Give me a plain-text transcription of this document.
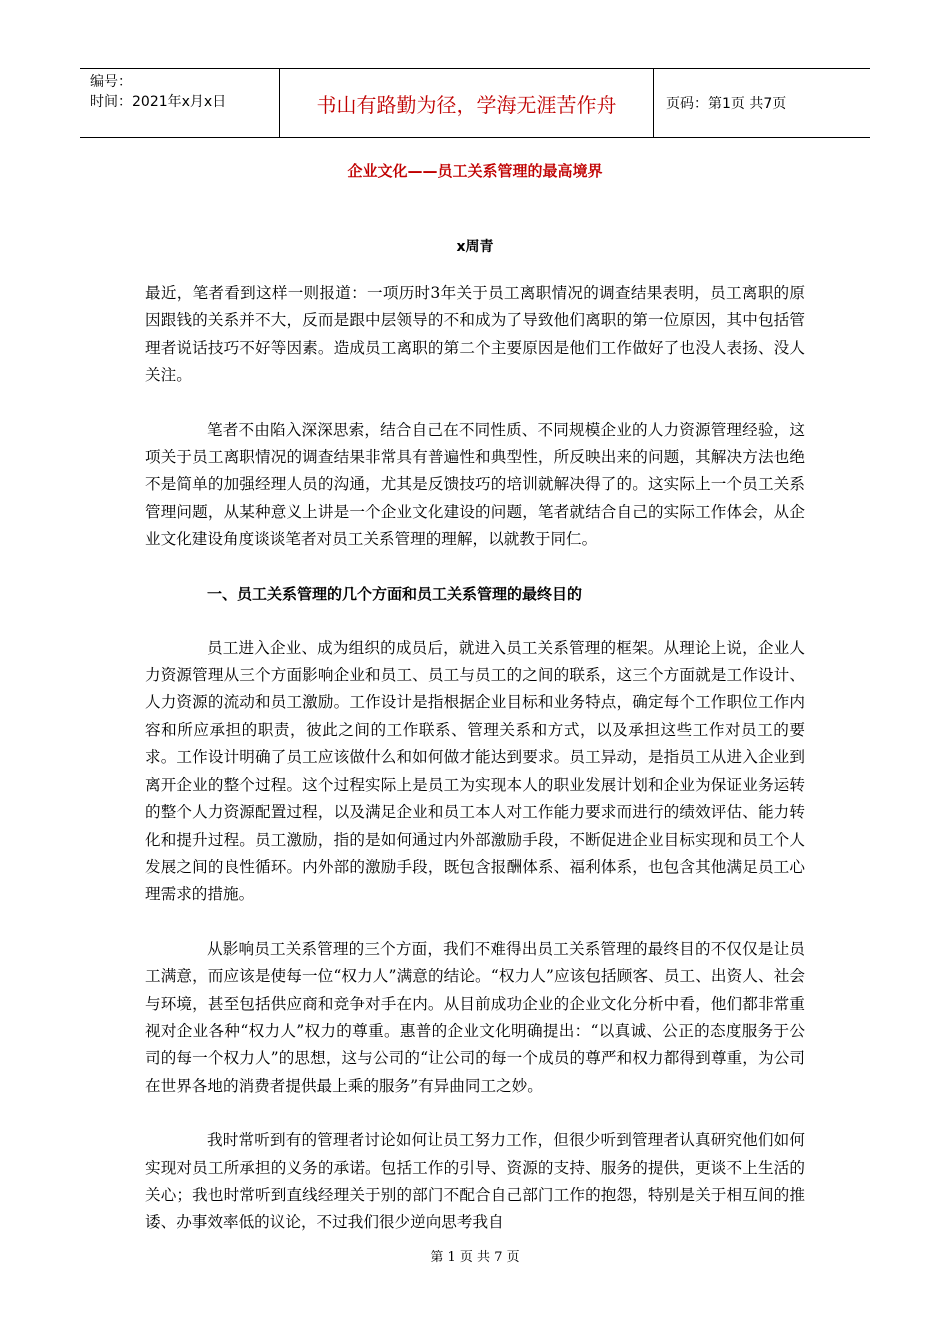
编号：
时间：2021年x月x日	书山有路勤为径，学海无涯苦作舟	页码：第1页 共7页
企业文化——员工关系管理的最高境界
x周青

最近，笔者看到这样一则报道：一项历时3年关于员工离职情况的调查结果表明，员工离职的原因跟钱的关系并不大，反而是跟中层领导的不和成为了导致他们离职的第一位原因，其中包括管理者说话技巧不好等因素。造成员工离职的第二个主要原因是他们工作做好了也没人表扬、没人关注。

笔者不由陷入深深思索，结合自己在不同性质、不同规模企业的人力资源管理经验，这项关于员工离职情况的调查结果非常具有普遍性和典型性，所反映出来的问题，其解决方法也绝不是简单的加强经理人员的沟通，尤其是反馈技巧的培训就解决得了的。这实际上一个员工关系管理问题，从某种意义上讲是一个企业文化建设的问题，笔者就结合自己的实际工作体会，从企业文化建设角度谈谈笔者对员工关系管理的理解，以就教于同仁。

一、员工关系管理的几个方面和员工关系管理的最终目的

员工进入企业、成为组织的成员后，就进入员工关系管理的框架。从理论上说，企业人力资源管理从三个方面影响企业和员工、员工与员工的之间的联系，这三个方面就是工作设计、人力资源的流动和员工激励。工作设计是指根据企业目标和业务特点，确定每个工作职位工作内容和所应承担的职责，彼此之间的工作联系、管理关系和方式，以及承担这些工作对员工的要求。工作设计明确了员工应该做什么和如何做才能达到要求。员工异动，是指员工从进入企业到离开企业的整个过程。这个过程实际上是员工为实现本人的职业发展计划和企业为保证业务运转的整个人力资源配置过程，以及满足企业和员工本人对工作能力要求而进行的绩效评估、能力转化和提升过程。员工激励，指的是如何通过内外部激励手段，不断促进企业目标实现和员工个人发展之间的良性循环。内外部的激励手段，既包含报酬体系、福利体系，也包含其他满足员工心理需求的措施。

从影响员工关系管理的三个方面，我们不难得出员工关系管理的最终目的不仅仅是让员工满意，而应该是使每一位“权力人”满意的结论。“权力人”应该包括顾客、员工、出资人、社会与环境，甚至包括供应商和竞争对手在内。从目前成功企业的企业文化分析中看，他们都非常重视对企业各种“权力人”权力的尊重。惠普的企业文化明确提出：“以真诚、公正的态度服务于公司的每一个权力人”的思想，这与公司的“让公司的每一个成员的尊严和权力都得到尊重，为公司在世界各地的消费者提供最上乘的服务”有异曲同工之妙。

我时常听到有的管理者讨论如何让员工努力工作，但很少听到管理者认真研究他们如何实现对员工所承担的义务的承诺。包括工作的引导、资源的支持、服务的提供，更谈不上生活的关心；我也时常听到直线经理关于别的部门不配合自己部门工作的抱怨，特别是关于相互间的推诿、办事效率低的议论，不过我们很少逆向思考我自

第 1 页 共 7 页
